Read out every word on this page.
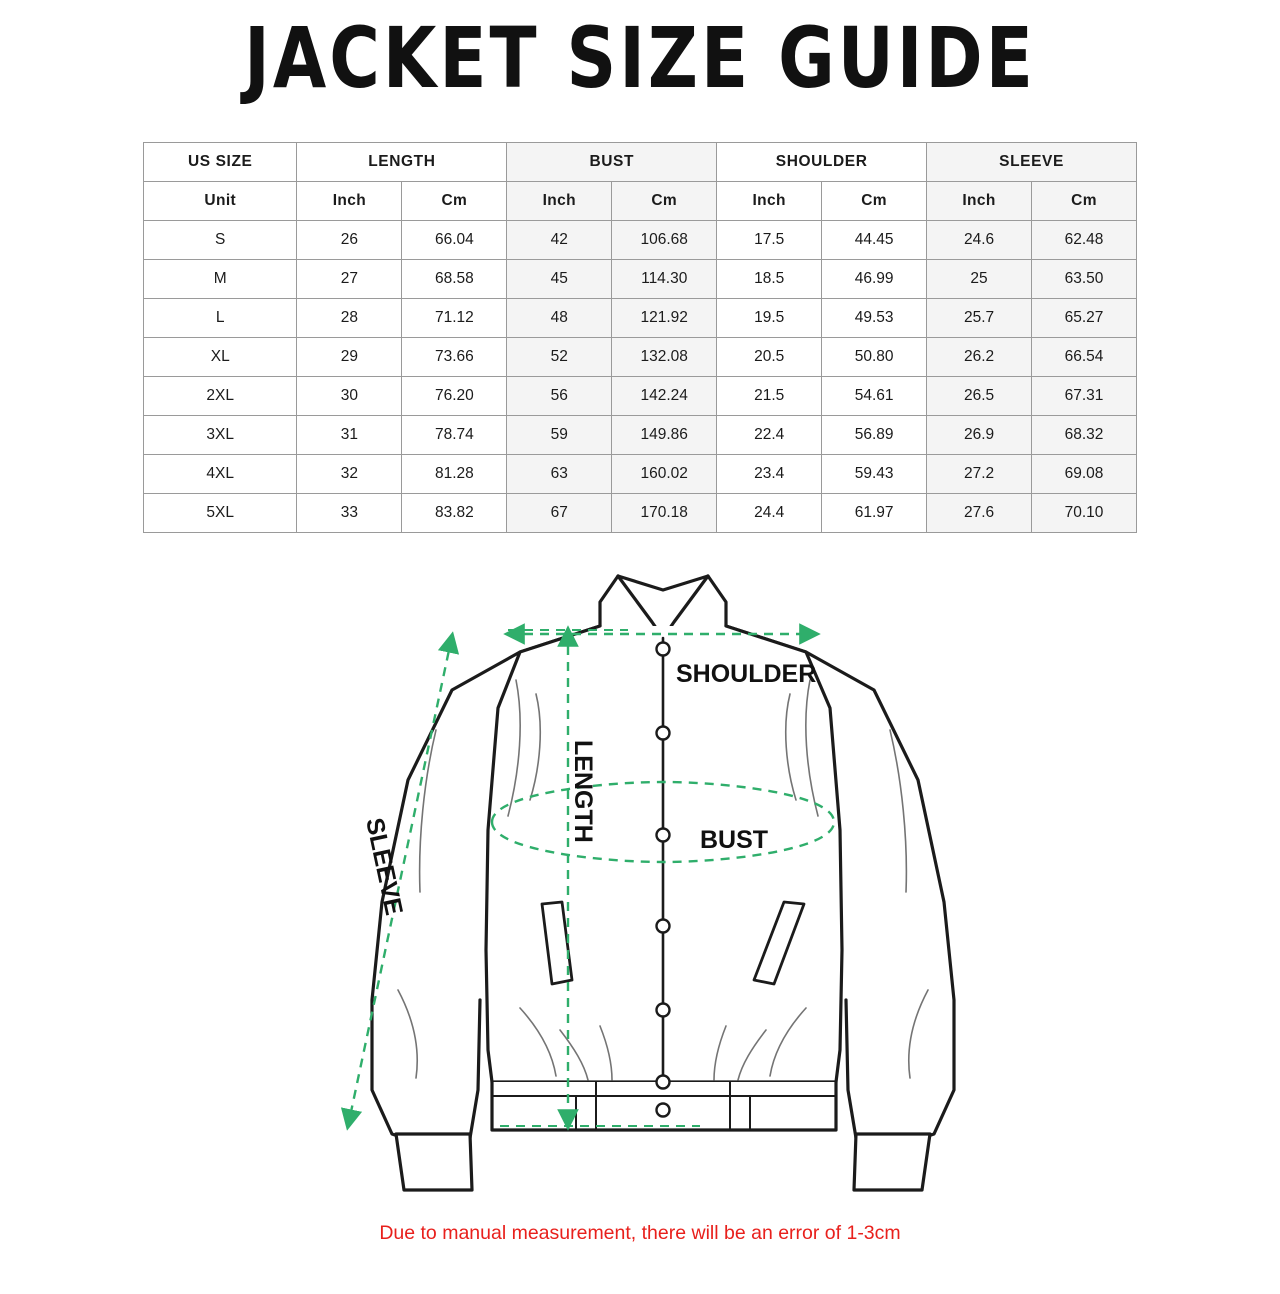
JACKET SIZE GUIDE
US SIZE	LENGTH		BUST		SHOULDER		SLEEVE	
Unit	Inch	Cm	Inch	Cm	Inch	Cm	Inch	Cm
S	26	66.04	42	106.68	17.5	44.45	24.6	62.48
M	27	68.58	45	114.30	18.5	46.99	25	63.50
L	28	71.12	48	121.92	19.5	49.53	25.7	65.27
XL	29	73.66	52	132.08	20.5	50.80	26.2	66.54
2XL	30	76.20	56	142.24	21.5	54.61	26.5	67.31
3XL	31	78.74	59	149.86	22.4	56.89	26.9	68.32
4XL	32	81.28	63	160.02	23.4	59.43	27.2	69.08
5XL	33	83.82	67	170.18	24.4	61.97	27.6	70.10
SHOULDER
LENGTH	BUST
SLEEVE
Due to manual measurement, there will be an error of 1-3cm
